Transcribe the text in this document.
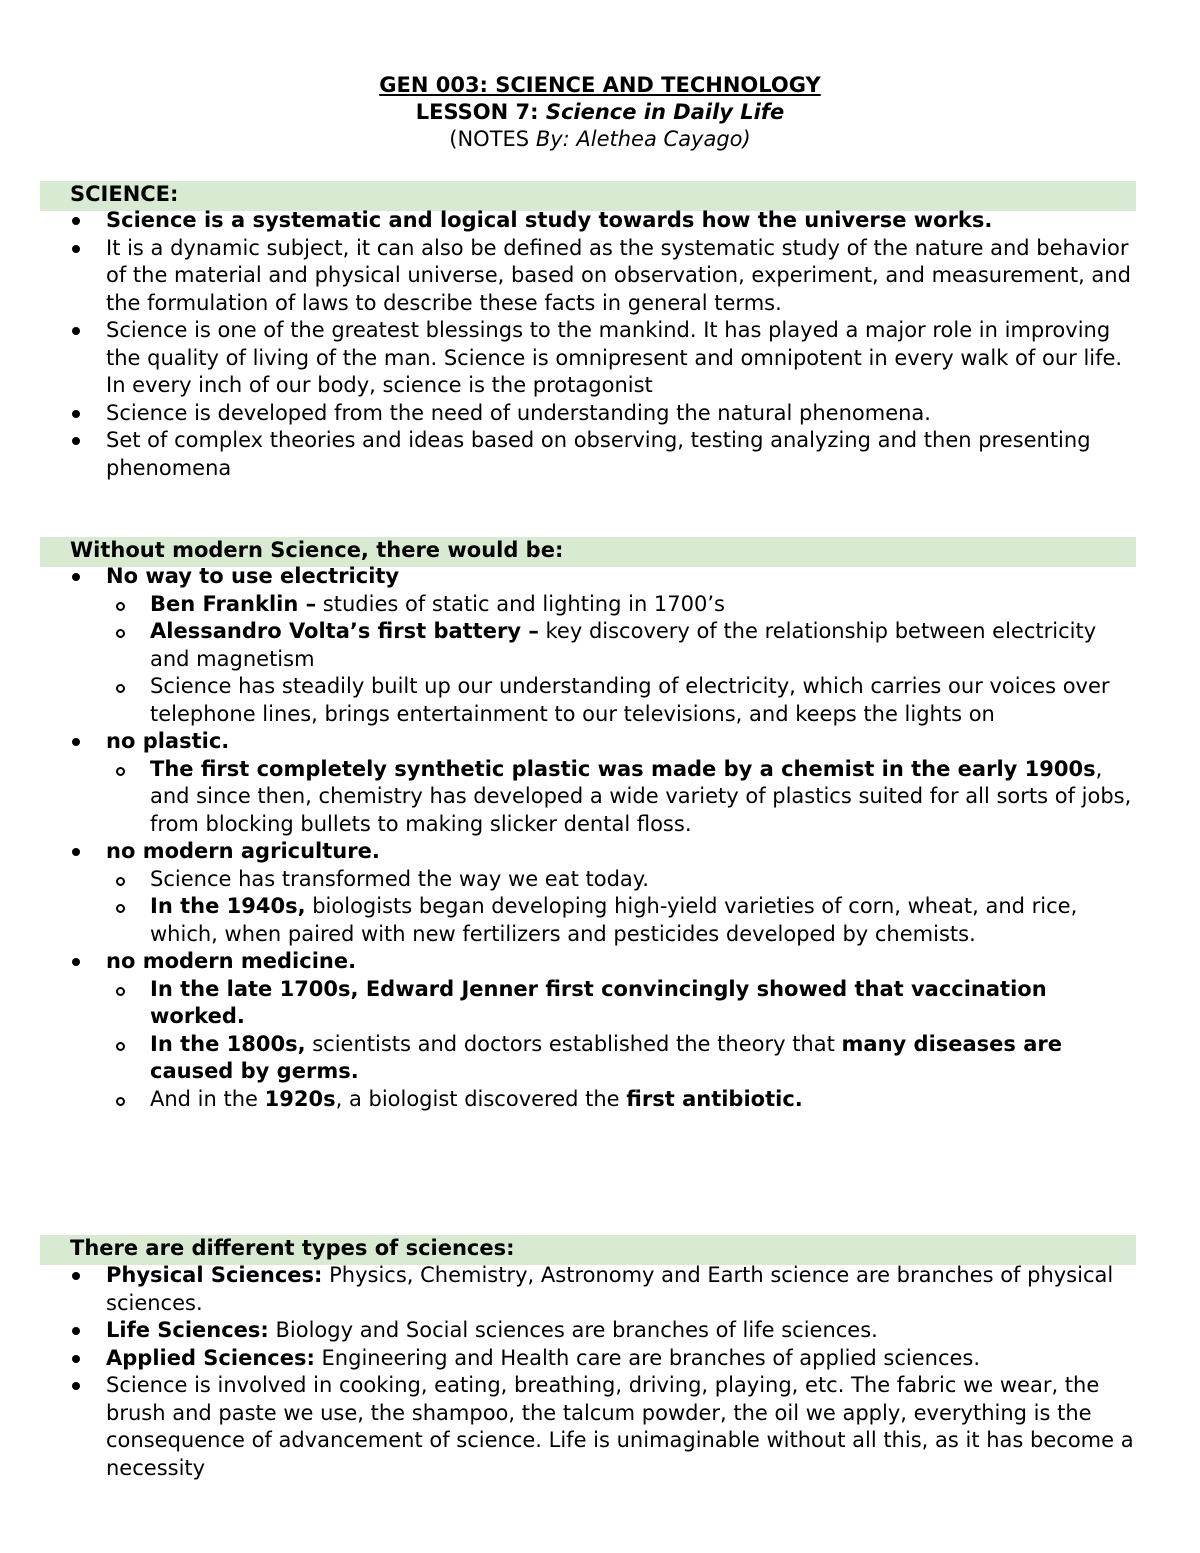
GEN 003: SCIENCE AND TECHNOLOGY
LESSON 7: Science in Daily Life
(NOTES By: Alethea Cayago)
SCIENCE:
Science is a systematic and logical study towards how the universe works.
It is a dynamic subject, it can also be defined as the systematic study of the nature and behavior of the material and physical universe, based on observation, experiment, and measurement, and the formulation of laws to describe these facts in general terms.
Science is one of the greatest blessings to the mankind. It has played a major role in improving the quality of living of the man. Science is omnipresent and omnipotent in every walk of our life. In every inch of our body, science is the protagonist
Science is developed from the need of understanding the natural phenomena.
Set of complex theories and ideas based on observing, testing analyzing and then presenting phenomena
Without modern Science, there would be:
No way to use electricity
Ben Franklin – studies of static and lighting in 1700’s
Alessandro Volta’s first battery – key discovery of the relationship between electricity and magnetism
Science has steadily built up our understanding of electricity, which carries our voices over telephone lines, brings entertainment to our televisions, and keeps the lights on
no plastic.
The first completely synthetic plastic was made by a chemist in the early 1900s, and since then, chemistry has developed a wide variety of plastics suited for all sorts of jobs, from blocking bullets to making slicker dental floss.
no modern agriculture.
Science has transformed the way we eat today.
In the 1940s, biologists began developing high-yield varieties of corn, wheat, and rice, which, when paired with new fertilizers and pesticides developed by chemists.
no modern medicine.
In the late 1700s, Edward Jenner first convincingly showed that vaccination worked.
In the 1800s, scientists and doctors established the theory that many diseases are caused by germs.
And in the 1920s, a biologist discovered the first antibiotic.
There are different types of sciences:
Physical Sciences: Physics, Chemistry, Astronomy and Earth science are branches of physical sciences.
Life Sciences: Biology and Social sciences are branches of life sciences.
Applied Sciences: Engineering and Health care are branches of applied sciences.
Science is involved in cooking, eating, breathing, driving, playing, etc. The fabric we wear, the brush and paste we use, the shampoo, the talcum powder, the oil we apply, everything is the consequence of advancement of science. Life is unimaginable without all this, as it has become a necessity
